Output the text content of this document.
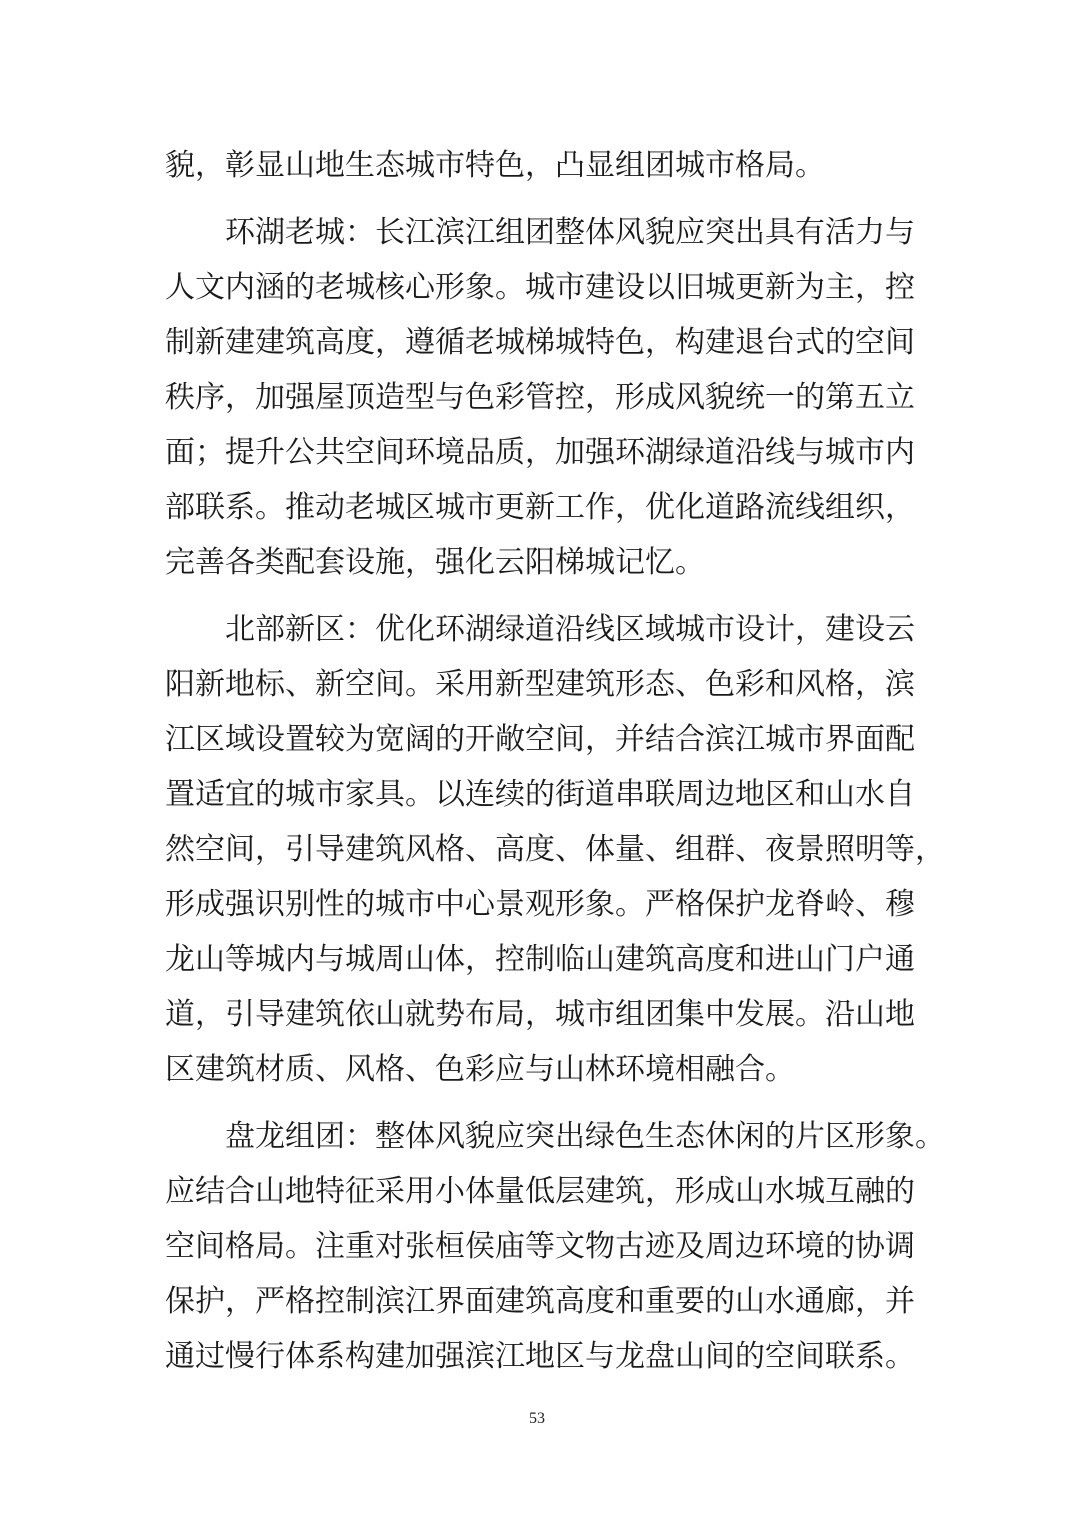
貌，彰显山地生态城市特色，凸显组团城市格局。
　　环湖老城：长江滨江组团整体风貌应突出具有活力与
人文内涵的老城核心形象。城市建设以旧城更新为主，控
制新建建筑高度，遵循老城梯城特色，构建退台式的空间
秩序，加强屋顶造型与色彩管控，形成风貌统一的第五立
面；提升公共空间环境品质，加强环湖绿道沿线与城市内
部联系。推动老城区城市更新工作，优化道路流线组织，
完善各类配套设施，强化云阳梯城记忆。
　　北部新区：优化环湖绿道沿线区域城市设计，建设云
阳新地标、新空间。采用新型建筑形态、色彩和风格，滨
江区域设置较为宽阔的开敞空间，并结合滨江城市界面配
置适宜的城市家具。以连续的街道串联周边地区和山水自
然空间，引导建筑风格、高度、体量、组群、夜景照明等，
形成强识别性的城市中心景观形象。严格保护龙脊岭、穆
龙山等城内与城周山体，控制临山建筑高度和进山门户通
道，引导建筑依山就势布局，城市组团集中发展。沿山地
区建筑材质、风格、色彩应与山林环境相融合。
　　盘龙组团：整体风貌应突出绿色生态休闲的片区形象。
应结合山地特征采用小体量低层建筑，形成山水城互融的
空间格局。注重对张桓侯庙等文物古迹及周边环境的协调
保护，严格控制滨江界面建筑高度和重要的山水通廊，并
通过慢行体系构建加强滨江地区与龙盘山间的空间联系。
53
